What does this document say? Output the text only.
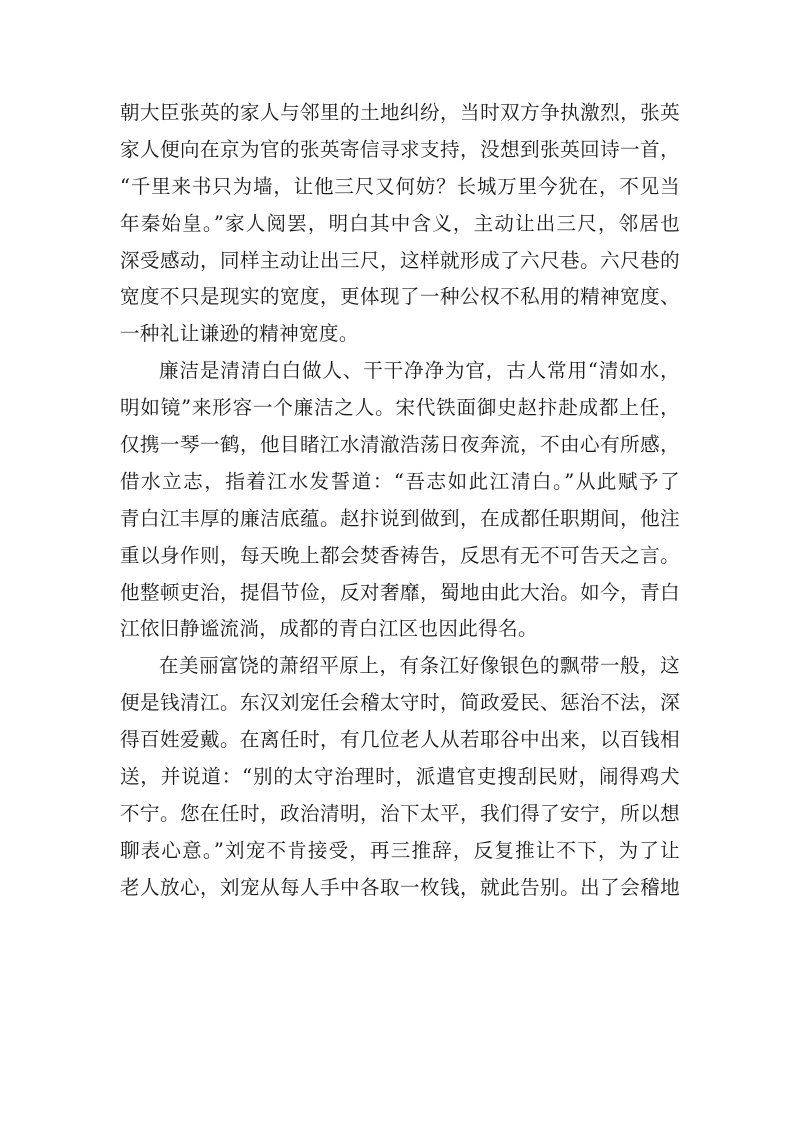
朝大臣张英的家人与邻里的土地纠纷，当时双方争执激烈，张英
家人便向在京为官的张英寄信寻求支持，没想到张英回诗一首，
“千里来书只为墙，让他三尺又何妨？长城万里今犹在，不见当
年秦始皇。”家人阅罢，明白其中含义，主动让出三尺，邻居也
深受感动，同样主动让出三尺，这样就形成了六尺巷。六尺巷的
宽度不只是现实的宽度，更体现了一种公权不私用的精神宽度、
一种礼让谦逊的精神宽度。
廉洁是清清白白做人、干干净净为官，古人常用“清如水，
明如镜”来形容一个廉洁之人。宋代铁面御史赵抃赴成都上任，
仅携一琴一鹤，他目睹江水清澈浩荡日夜奔流，不由心有所感，
借水立志，指着江水发誓道：“吾志如此江清白。”从此赋予了
青白江丰厚的廉洁底蕴。赵抃说到做到，在成都任职期间，他注
重以身作则，每天晚上都会焚香祷告，反思有无不可告天之言。
他整顿吏治，提倡节俭，反对奢靡，蜀地由此大治。如今，青白
江依旧静谧流淌，成都的青白江区也因此得名。
在美丽富饶的萧绍平原上，有条江好像银色的飘带一般，这
便是钱清江。东汉刘宠任会稽太守时，简政爱民、惩治不法，深
得百姓爱戴。在离任时，有几位老人从若耶谷中出来，以百钱相
送，并说道：“别的太守治理时，派遣官吏搜刮民财，闹得鸡犬
不宁。您在任时，政治清明，治下太平，我们得了安宁，所以想
聊表心意。”刘宠不肯接受，再三推辞，反复推让不下，为了让
老人放心，刘宠从每人手中各取一枚钱，就此告别。出了会稽地
